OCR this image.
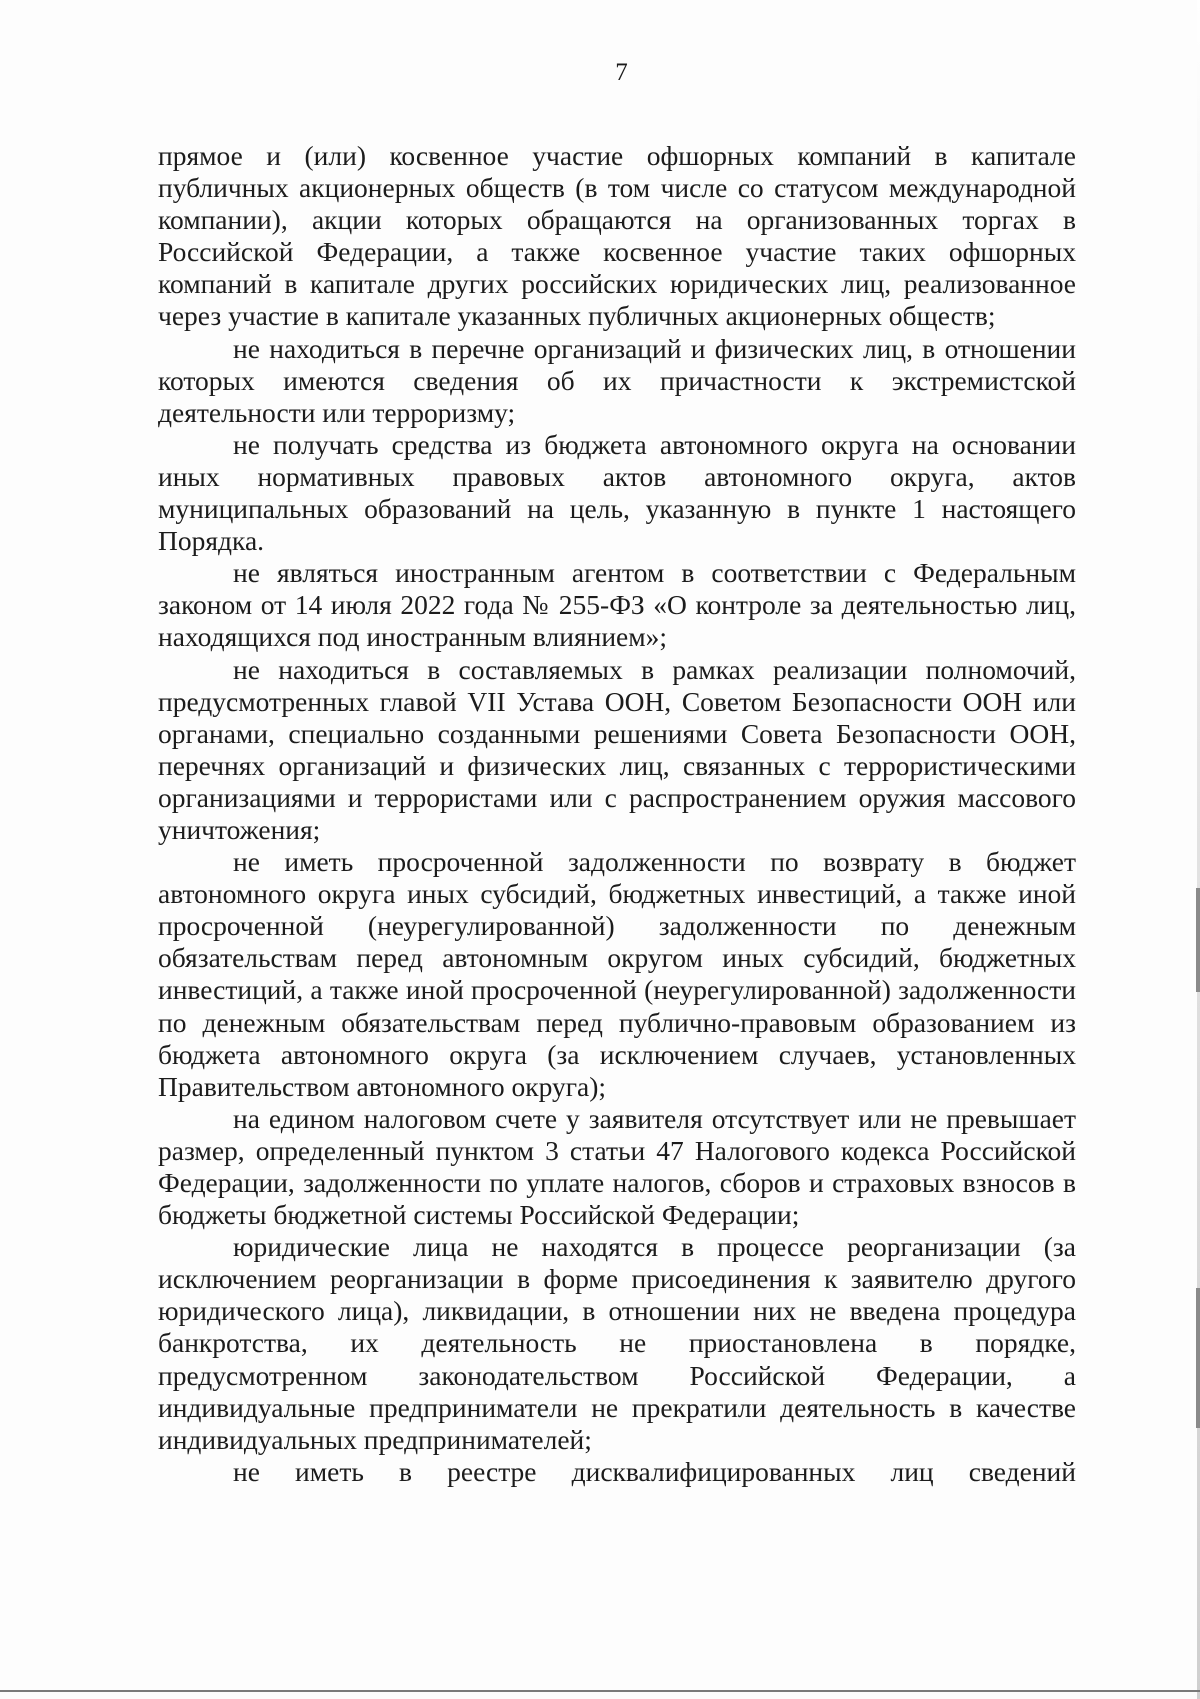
7

прямое и (или) косвенное участие офшорных компаний в капитале публичных акционерных обществ (в том числе со статусом международной компании), акции которых обращаются на организованных торгах в Российской Федерации, а также косвенное участие таких офшорных компаний в капитале других российских юридических лиц, реализованное через участие в капитале указанных публичных акционерных обществ;

не находиться в перечне организаций и физических лиц, в отношении которых имеются сведения об их причастности к экстремистской деятельности или терроризму;

не получать средства из бюджета автономного округа на основании иных нормативных правовых актов автономного округа, актов муниципальных образований на цель, указанную в пункте 1 настоящего Порядка.

не являться иностранным агентом в соответствии с Федеральным законом от 14 июля 2022 года № 255-ФЗ «О контроле за деятельностью лиц, находящихся под иностранным влиянием»;

не находиться в составляемых в рамках реализации полномочий, предусмотренных главой VII Устава ООН, Советом Безопасности ООН или органами, специально созданными решениями Совета Безопасности ООН, перечнях организаций и физических лиц, связанных с террористическими организациями и террористами или с распространением оружия массового уничтожения;

не иметь просроченной задолженности по возврату в бюджет автономного округа иных субсидий, бюджетных инвестиций, а также иной просроченной (неурегулированной) задолженности по денежным обязательствам перед автономным округом иных субсидий, бюджетных инвестиций, а также иной просроченной (неурегулированной) задолженности по денежным обязательствам перед публично-правовым образованием из бюджета автономного округа (за исключением случаев, установленных Правительством автономного округа);

на едином налоговом счете у заявителя отсутствует или не превышает размер, определенный пунктом 3 статьи 47 Налогового кодекса Российской Федерации, задолженности по уплате налогов, сборов и страховых взносов в бюджеты бюджетной системы Российской Федерации;

юридические лица не находятся в процессе реорганизации (за исключением реорганизации в форме присоединения к заявителю другого юридического лица), ликвидации, в отношении них не введена процедура банкротства, их деятельность не приостановлена в порядке, предусмотренном законодательством Российской Федерации, а индивидуальные предприниматели не прекратили деятельность в качестве индивидуальных предпринимателей;

не иметь в реестре дисквалифицированных лиц сведений
